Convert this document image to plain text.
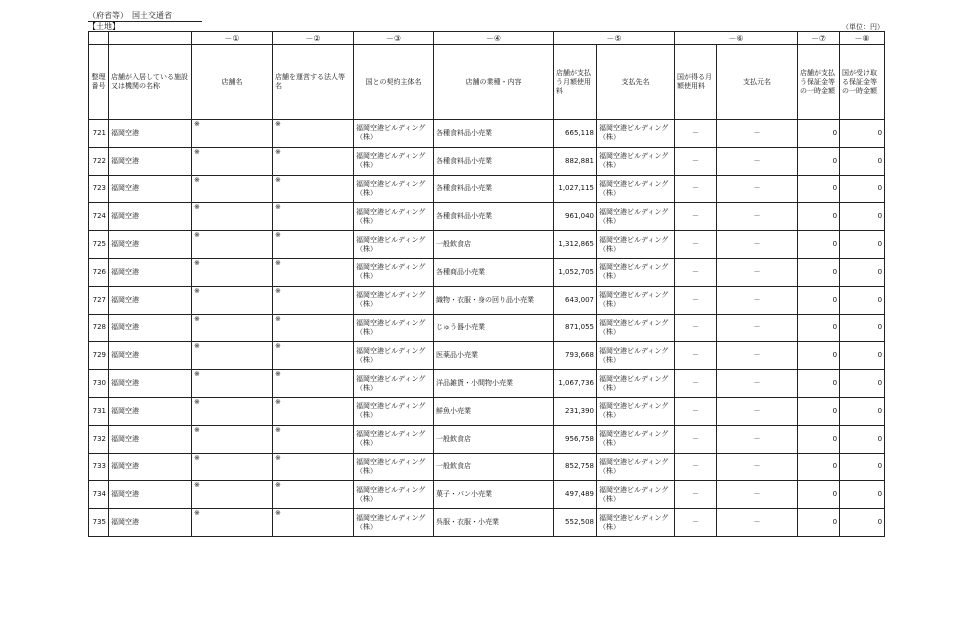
（府省等）　国土交通省
【土地】	（単位：円）
		－①	－②	－③	－④	－⑤		－⑥		－⑦	－⑧
整理番号	店舗が入居している施設又は機関の名称	店舗名	店舗を運営する法人等名	国との契約主体名	店舗の業種・内容	店舗が支払う月額使用料	支払先名	国が得る月額使用料	支払元名	店舗が支払う保証金等の一時金額	国が受け取る保証金等の一時金額
721	福岡空港	※	※	福岡空港ビルディング（株）	各種食料品小売業	665,118	福岡空港ビルディング（株）	－	－	0	0
722	福岡空港	※	※	福岡空港ビルディング（株）	各種食料品小売業	882,881	福岡空港ビルディング（株）	－	－	0	0
723	福岡空港	※	※	福岡空港ビルディング（株）	各種食料品小売業	1,027,115	福岡空港ビルディング（株）	－	－	0	0
724	福岡空港	※	※	福岡空港ビルディング（株）	各種食料品小売業	961,040	福岡空港ビルディング（株）	－	－	0	0
725	福岡空港	※	※	福岡空港ビルディング（株）	一般飲食店	1,312,865	福岡空港ビルディング（株）	－	－	0	0
726	福岡空港	※	※	福岡空港ビルディング（株）	各種商品小売業	1,052,705	福岡空港ビルディング（株）	－	－	0	0
727	福岡空港	※	※	福岡空港ビルディング（株）	織物・衣服・身の回り品小売業	643,007	福岡空港ビルディング（株）	－	－	0	0
728	福岡空港	※	※	福岡空港ビルディング（株）	じゅう器小売業	871,055	福岡空港ビルディング（株）	－	－	0	0
729	福岡空港	※	※	福岡空港ビルディング（株）	医薬品小売業	793,668	福岡空港ビルディング（株）	－	－	0	0
730	福岡空港	※	※	福岡空港ビルディング（株）	洋品雑貨・小間物小売業	1,067,736	福岡空港ビルディング（株）	－	－	0	0
731	福岡空港	※	※	福岡空港ビルディング（株）	鮮魚小売業	231,390	福岡空港ビルディング（株）	－	－	0	0
732	福岡空港	※	※	福岡空港ビルディング（株）	一般飲食店	956,758	福岡空港ビルディング（株）	－	－	0	0
733	福岡空港	※	※	福岡空港ビルディング（株）	一般飲食店	852,758	福岡空港ビルディング（株）	－	－	0	0
734	福岡空港	※	※	福岡空港ビルディング（株）	菓子・パン小売業	497,489	福岡空港ビルディング（株）	－	－	0	0
735	福岡空港	※	※	福岡空港ビルディング（株）	呉服・衣服・小売業	552,508	福岡空港ビルディング（株）	－	－	0	0
